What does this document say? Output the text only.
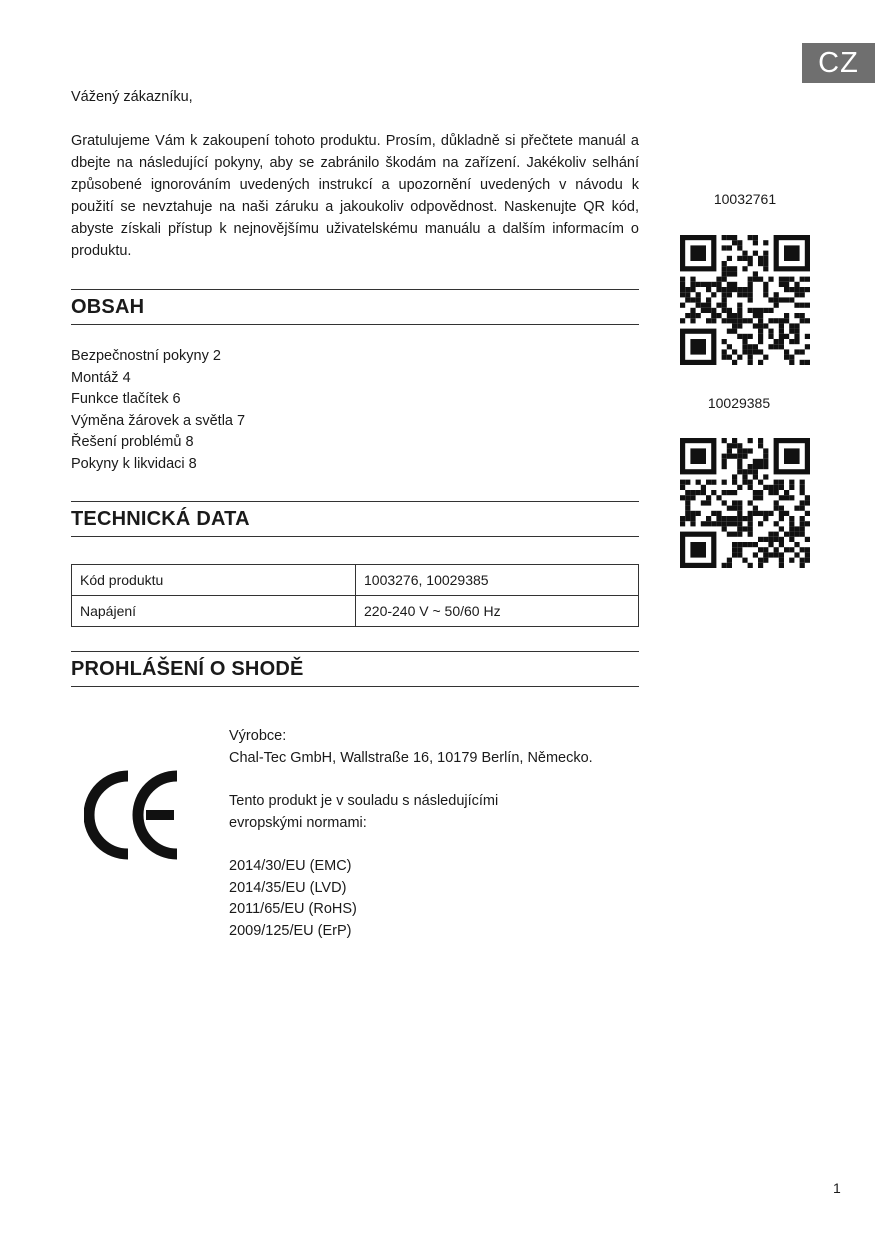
CZ
Vážený zákazníku,
Gratulujeme Vám k zakoupení tohoto produktu. Prosím, důkladně si přečtete manuál a dbejte na následující pokyny, aby se zabránilo škodám na zařízení. Jakékoliv selhání způsobené ignorováním uvedených instrukcí a upozornění uvedených v návodu k použití se nevztahuje na naši záruku a jakoukoliv odpovědnost. Naskenujte QR kód, abyste získali přístup k nejnovějšímu uživatelskému manuálu a dalším informacím o produktu.
OBSAH
Bezpečnostní pokyny 2
Montáž 4
Funkce tlačítek 6
Výměna žárovek a světla 7
Řešení problémů 8
Pokyny k likvidaci 8
TECHNICKÁ DATA
Kód produktu	1003276, 10029385
Napájení	220-240 V ~ 50/60 Hz
PROHLÁŠENÍ O SHODĚ
Výrobce:
Chal-Tec GmbH, Wallstraße 16, 10179 Berlín, Německo.
Tento produkt je v souladu s následujícími
evropskými normami:
2014/30/EU (EMC)
2014/35/EU (LVD)
2011/65/EU (RoHS)
2009/125/EU (ErP)
10032761
10029385
1
